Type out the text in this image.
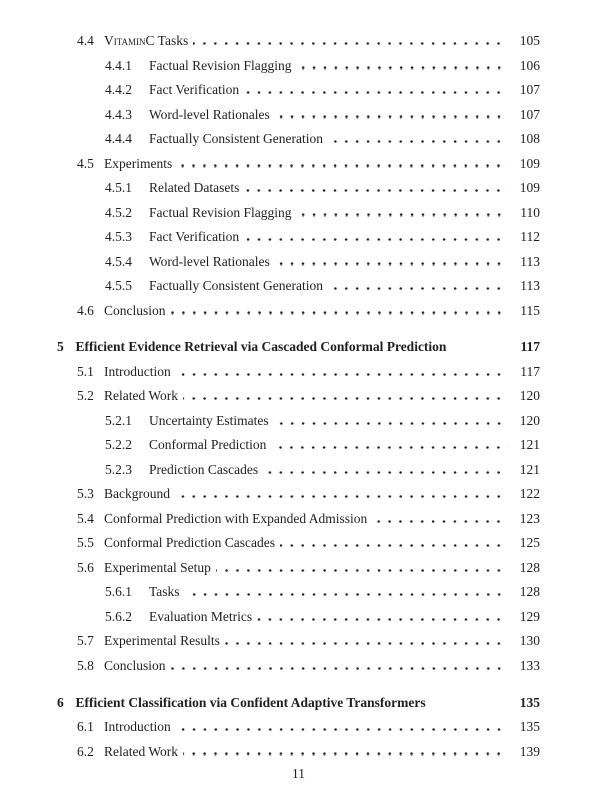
4.4 VitaminC Tasks	105
4.4.1	Factual Revision Flagging	106
4.4.2	Fact Verification	107
4.4.3	Word-level Rationales	107
4.4.4	Factually Consistent Generation	108
4.5 Experiments	109
4.5.1	Related Datasets	109
4.5.2	Factual Revision Flagging	110
4.5.3	Fact Verification	112
4.5.4	Word-level Rationales	113
4.5.5	Factually Consistent Generation	113
4.6 Conclusion	115
5 Efficient Evidence Retrieval via Cascaded Conformal Prediction	117
5.1 Introduction	117
5.2 Related Work	120
5.2.1	Uncertainty Estimates	120
5.2.2	Conformal Prediction	121
5.2.3	Prediction Cascades	121
5.3 Background	122
5.4 Conformal Prediction with Expanded Admission	123
5.5 Conformal Prediction Cascades	125
5.6 Experimental Setup	128
5.6.1	Tasks	128
5.6.2	Evaluation Metrics	129
5.7 Experimental Results	130
5.8 Conclusion	133
6 Efficient Classification via Confident Adaptive Transformers	135
6.1 Introduction	135
6.2 Related Work	139
11
